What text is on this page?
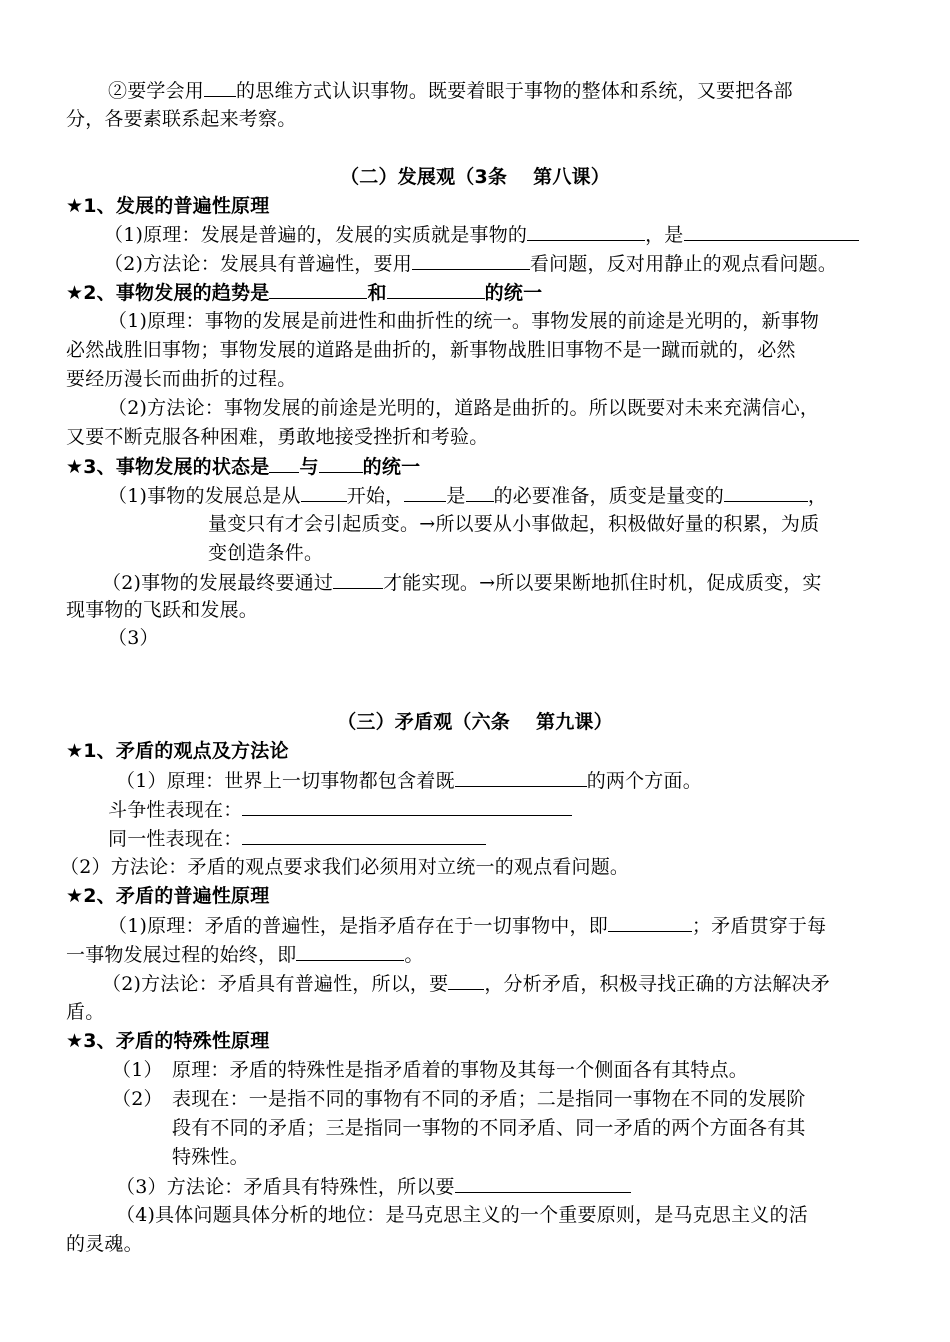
②要学会用 的思维方式认识事物。既要着眼于事物的整体和系统，又要把各部
分，各要素联系起来考察。
（二）发展观（3条　 第八课）
★1、发展的普遍性原理
（1)原理：发展是普遍的，发展的实质就是事物的	，是
（2)方法论：发展具有普遍性，要用	看问题，反对用静止的观点看问题。
★2、事物发展的趋势是	和	的统一
（1)原理：事物的发展是前进性和曲折性的统一。事物发展的前途是光明的，新事物
必然战胜旧事物；事物发展的道路是曲折的，新事物战胜旧事物不是一蹴而就的，必然
要经历漫长而曲折的过程。
（2)方法论：事物发展的前途是光明的，道路是曲折的。所以既要对未来充满信心，
又要不断克服各种困难，勇敢地接受挫折和考验。
★3、事物发展的状态是 与 的统一
（1)事物的发展总是从 开始， 是 的必要准备，质变是量变的	，
量变只有才会引起质变。→所以要从小事做起，积极做好量的积累，为质
变创造条件。
（2)事物的发展最终要通过	才能实现。→所以要果断地抓住时机，促成质变，实
现事物的飞跃和发展。
（3）
（三）矛盾观（六条　 第九课）
★1、矛盾的观点及方法论
（1）原理：世界上一切事物都包含着既	的两个方面。
斗争性表现在：
同一性表现在：
（2）方法论：矛盾的观点要求我们必须用对立统一的观点看问题。
★2、矛盾的普遍性原理
（1)原理：矛盾的普遍性，是指矛盾存在于一切事物中，即	；矛盾贯穿于每
一事物发展过程的始终，即	。
（2)方法论：矛盾具有普遍性，所以，要 ，分析矛盾，积极寻找正确的方法解决矛
盾。
★3、矛盾的特殊性原理
（1） 原理：矛盾的特殊性是指矛盾着的事物及其每一个侧面各有其特点。
（2） 表现在：一是指不同的事物有不同的矛盾；二是指同一事物在不同的发展阶
段有不同的矛盾；三是指同一事物的不同矛盾、同一矛盾的两个方面各有其
特殊性。
（3）方法论：矛盾具有特殊性，所以要
（4)具体问题具体分析的地位：是马克思主义的一个重要原则，是马克思主义的活
的灵魂。
